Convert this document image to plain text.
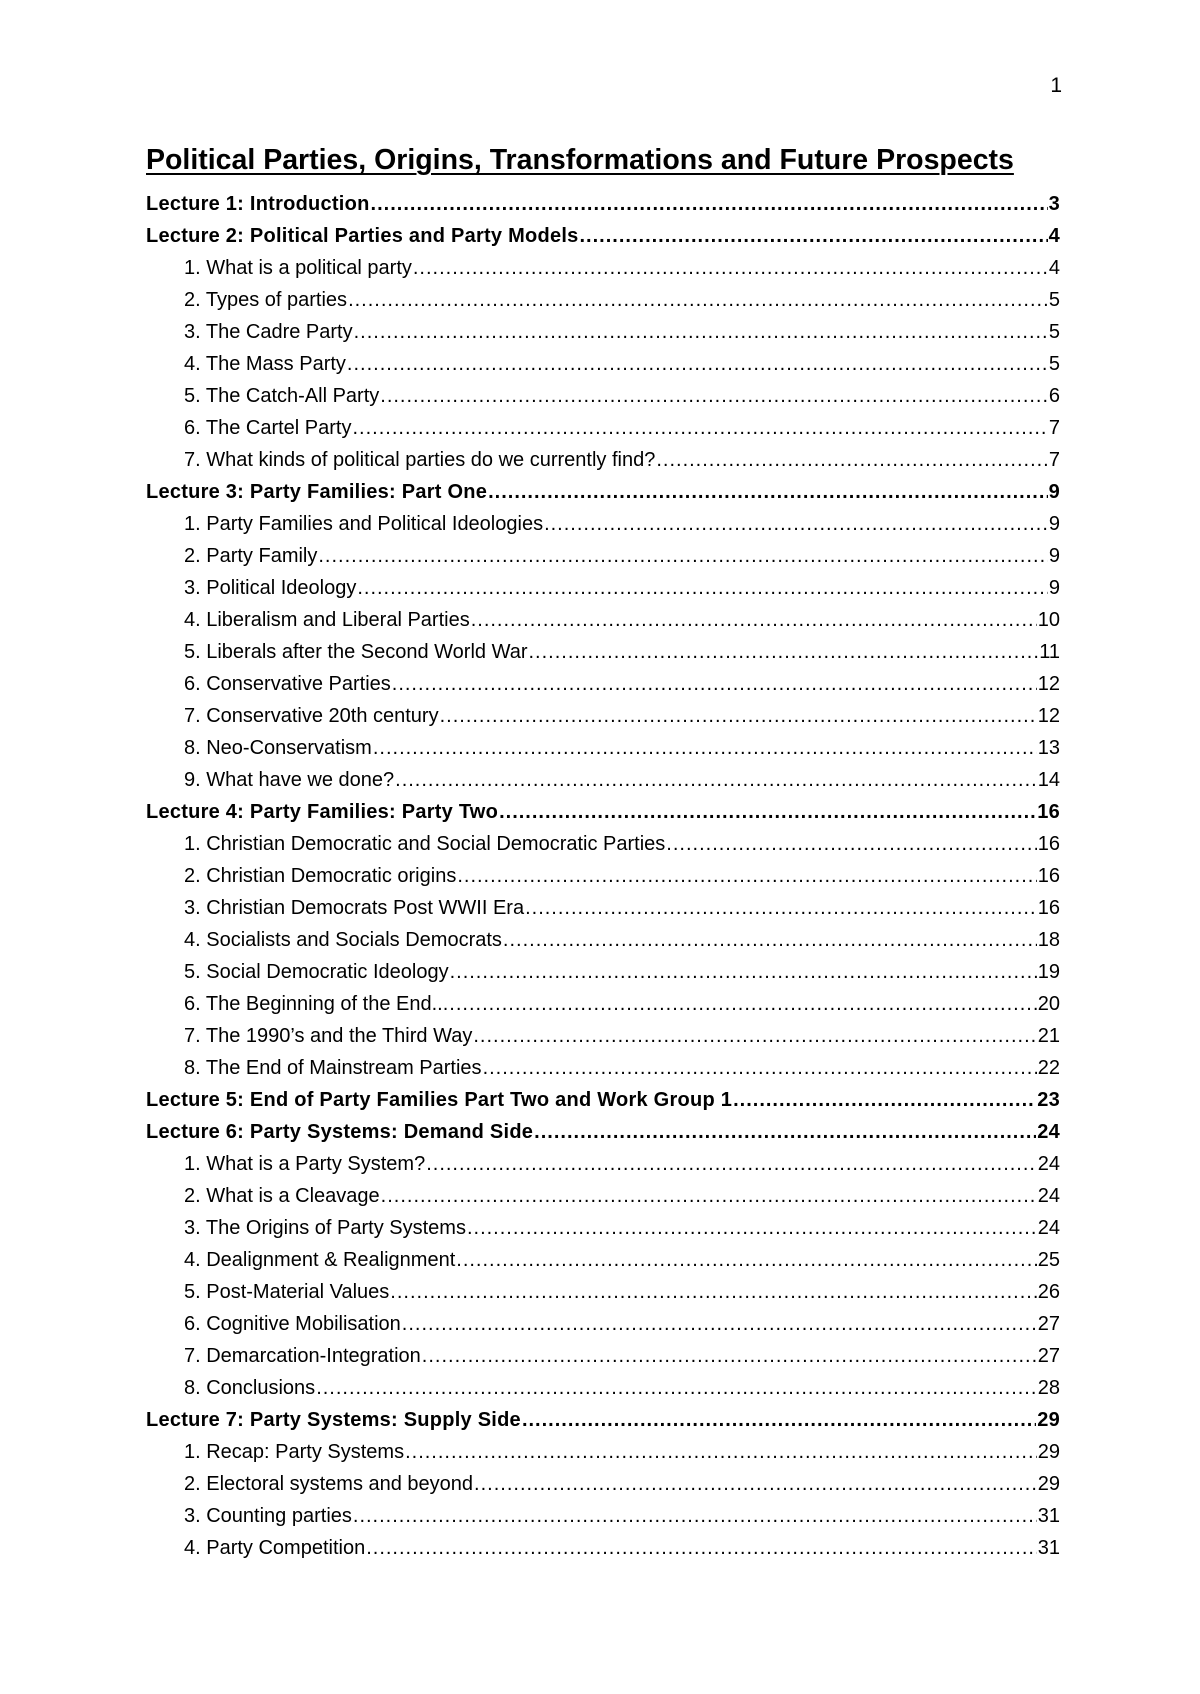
1
Political Parties, Origins, Transformations and Future Prospects
Lecture 1: Introduction .....	3
Lecture 2: Political Parties and Party Models .....	4
1. What is a political party .....	4
2. Types of parties .....	5
3. The Cadre Party .....	5
4. The Mass Party .....	5
5. The Catch-All Party .....	6
6. The Cartel Party .....	7
7. What kinds of political parties do we currently find? .....	7
Lecture 3: Party Families: Part One .....	9
1. Party Families and Political Ideologies .....	9
2. Party Family .....	9
3. Political Ideology .....	9
4. Liberalism and Liberal Parties .....	10
5. Liberals after the Second World War .....	11
6. Conservative Parties .....	12
7. Conservative 20th century .....	12
8. Neo-Conservatism .....	13
9. What have we done? .....	14
Lecture 4: Party Families: Party Two .....	16
1. Christian Democratic and Social Democratic Parties .....	16
2. Christian Democratic origins .....	16
3. Christian Democrats Post WWII Era .....	16
4. Socialists and Socials Democrats .....	18
5. Social Democratic Ideology .....	19
6. The Beginning of the End... .....	20
7. The 1990’s and the Third Way .....	21
8. The End of Mainstream Parties .....	22
Lecture 5: End of Party Families Part Two and Work Group 1 .....	23
Lecture 6: Party Systems: Demand Side .....	24
1. What is a Party System? .....	24
2. What is a Cleavage .....	24
3. The Origins of Party Systems .....	24
4. Dealignment & Realignment .....	25
5. Post-Material Values .....	26
6. Cognitive Mobilisation .....	27
7. Demarcation-Integration .....	27
8. Conclusions .....	28
Lecture 7: Party Systems: Supply Side .....	29
1. Recap: Party Systems .....	29
2. Electoral systems and beyond .....	29
3. Counting parties .....	31
4. Party Competition .....	31
